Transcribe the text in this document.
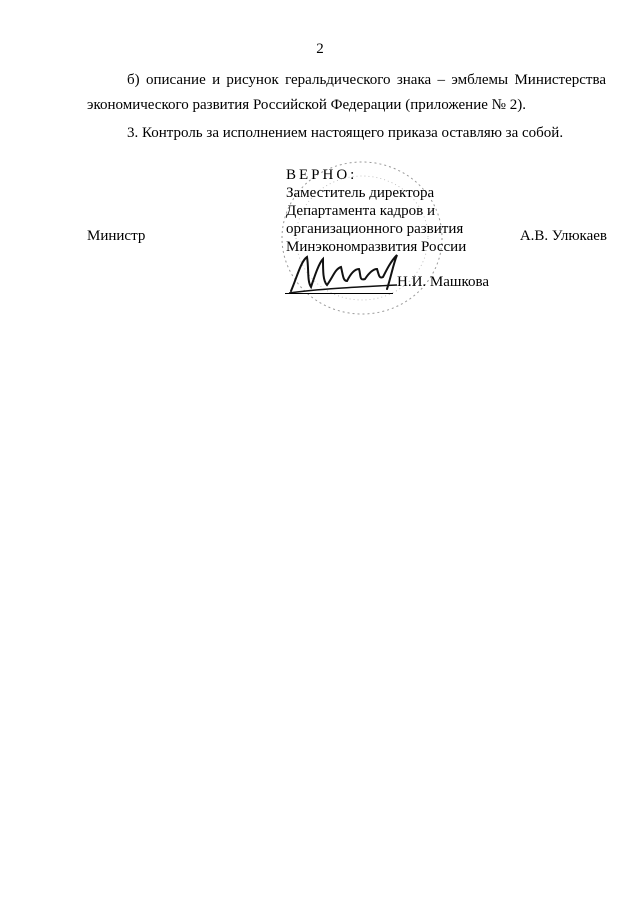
2
б) описание и рисунок геральдического знака – эмблемы Министерства
экономического развития Российской Федерации (приложение № 2).
3. Контроль за исполнением настоящего приказа оставляю за собой.
Министр	А.В. Улюкаев
ВЕРНО:
Заместитель директора
Департамента кадров и
организационного развития
Минэкономразвития России
Н.И. Машкова
